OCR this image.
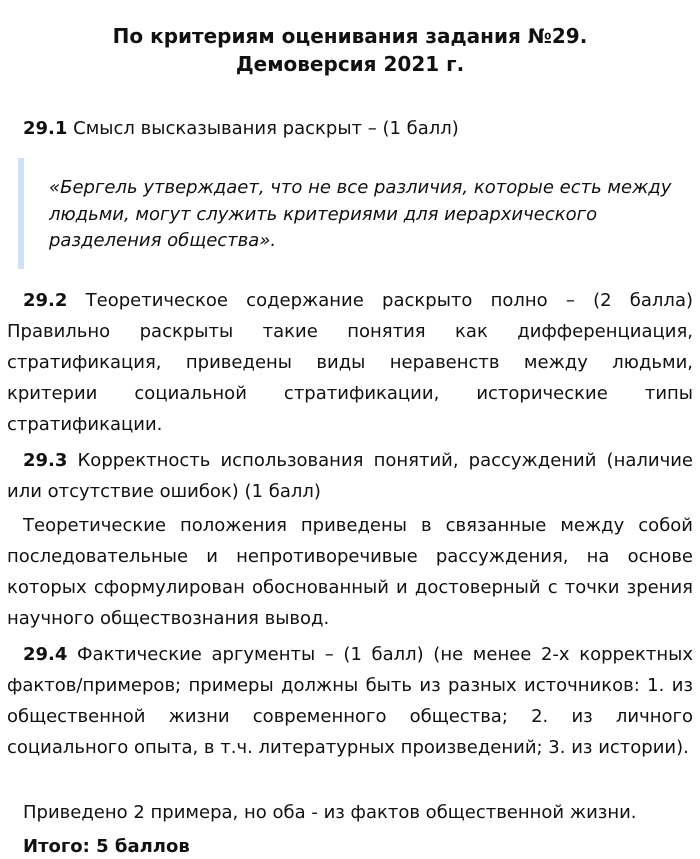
По критериям оценивания задания №29.
Демоверсия 2021 г.
29.1 Смысл высказывания раскрыт – (1 балл)
«Бергель утверждает, что не все различия, которые есть между людьми, могут служить критериями для иерархического разделения общества».
29.2 Теоретическое содержание раскрыто полно – (2 балла) Правильно раскрыты такие понятия как дифференциация, стратификация, приведены виды неравенств между людьми, критерии социальной стратификации, исторические типы стратификации.
29.3 Корректность использования понятий, рассуждений (наличие или отсутствие ошибок) (1 балл)
Теоретические положения приведены в связанные между собой последовательные и непротиворечивые рассуждения, на основе которых сформулирован обоснованный и достоверный с точки зрения научного обществознания вывод.
29.4 Фактические аргументы – (1 балл) (не менее 2-х корректных фактов/примеров; примеры должны быть из разных источников: 1. из общественной жизни современного общества; 2. из личного социального опыта, в т.ч. литературных произведений; 3. из истории).
Приведено 2 примера, но оба - из фактов общественной жизни.
Итого: 5 баллов
